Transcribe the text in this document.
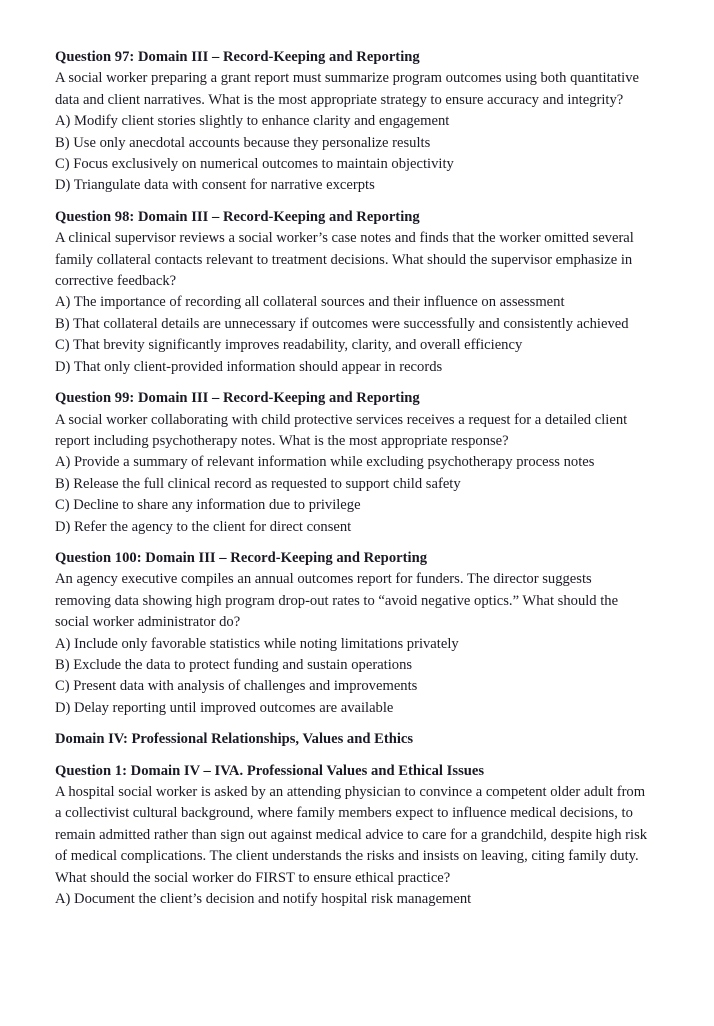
Question 97: Domain III – Record-Keeping and Reporting

A social worker preparing a grant report must summarize program outcomes using both quantitative data and client narratives. What is the most appropriate strategy to ensure accuracy and integrity?

A) Modify client stories slightly to enhance clarity and engagement
B) Use only anecdotal accounts because they personalize results
C) Focus exclusively on numerical outcomes to maintain objectivity
D) Triangulate data with consent for narrative excerpts
Question 98: Domain III – Record-Keeping and Reporting

A clinical supervisor reviews a social worker’s case notes and finds that the worker omitted several family collateral contacts relevant to treatment decisions. What should the supervisor emphasize in corrective feedback?

A) The importance of recording all collateral sources and their influence on assessment
B) That collateral details are unnecessary if outcomes were successfully and consistently achieved
C) That brevity significantly improves readability, clarity, and overall efficiency
D) That only client-provided information should appear in records
Question 99: Domain III – Record-Keeping and Reporting

A social worker collaborating with child protective services receives a request for a detailed client report including psychotherapy notes. What is the most appropriate response?

A) Provide a summary of relevant information while excluding psychotherapy process notes
B) Release the full clinical record as requested to support child safety
C) Decline to share any information due to privilege
D) Refer the agency to the client for direct consent
Question 100: Domain III – Record-Keeping and Reporting

An agency executive compiles an annual outcomes report for funders. The director suggests removing data showing high program drop-out rates to “avoid negative optics.” What should the social worker administrator do?

A) Include only favorable statistics while noting limitations privately
B) Exclude the data to protect funding and sustain operations
C) Present data with analysis of challenges and improvements
D) Delay reporting until improved outcomes are available
Domain IV: Professional Relationships, Values and Ethics
Question 1: Domain IV – IVA. Professional Values and Ethical Issues

A hospital social worker is asked by an attending physician to convince a competent older adult from a collectivist cultural background, where family members expect to influence medical decisions, to remain admitted rather than sign out against medical advice to care for a grandchild, despite high risk of medical complications. The client understands the risks and insists on leaving, citing family duty. What should the social worker do FIRST to ensure ethical practice?

A) Document the client’s decision and notify hospital risk management
